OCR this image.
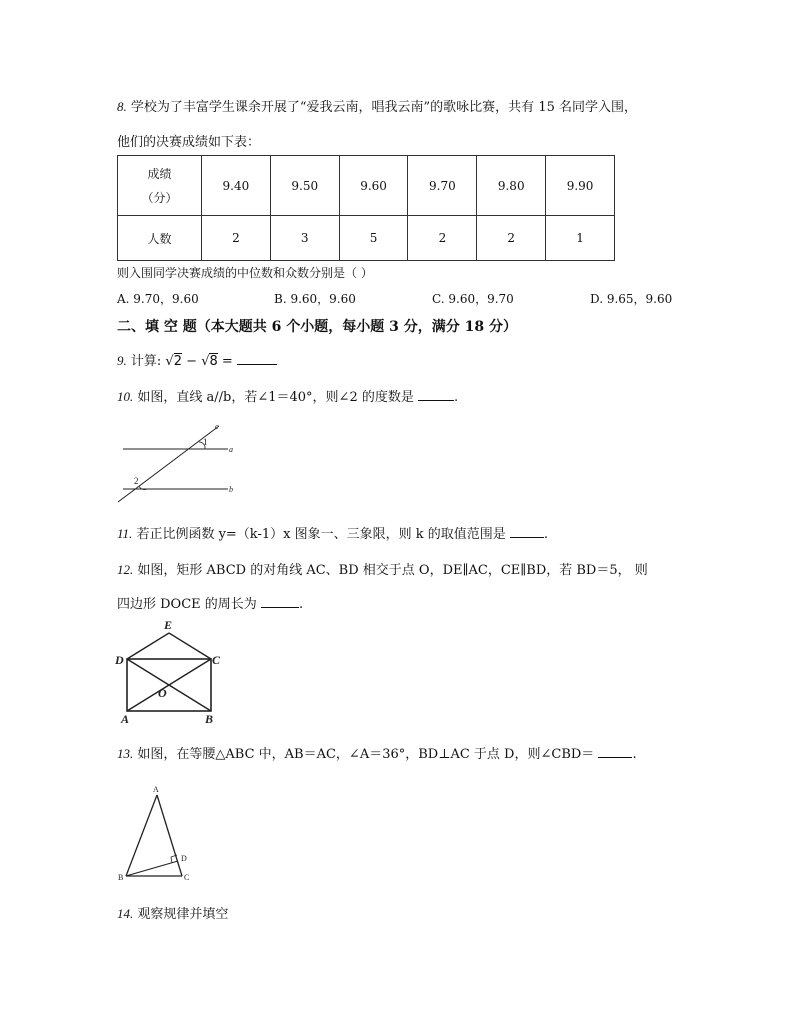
8. 学校为了丰富学生课余开展了“爱我云南，唱我云南”的歌咏比赛，共有 15 名同学入围，
他们的决赛成绩如下表：
成绩
（分）	9.40	9.50	9.60	9.70	9.80	9.90
人数	2	3	5	2	2	1
则入围同学决赛成绩的中位数和众数分别是（ ）
A. 9.70，9.60	B. 9.60，9.60	C. 9.60，9.70	D. 9.65，9.60
二、填 空 题（本大题共 6 个小题，每小题 3 分，满分 18 分）
9. 计算: √2 − √8 =
10. 如图，直线 a//b，若∠1＝40°，则∠2 的度数是	.
c
a
b
1
2
11. 若正比例函数 y=（k-1）x 图象一、三象限，则 k 的取值范围是	.
12. 如图，矩形 ABCD 的对角线 AC、BD 相交于点 O，DE∥AC，CE∥BD，若 BD＝5， 则
四边形 DOCE 的周长为	.
E
D	C
O
A	B
13. 如图，在等腰△ABC 中，AB＝AC，∠A＝36°，BD⊥AC 于点 D，则∠CBD＝	.
A
B	C
D
14. 观察规律并填空
